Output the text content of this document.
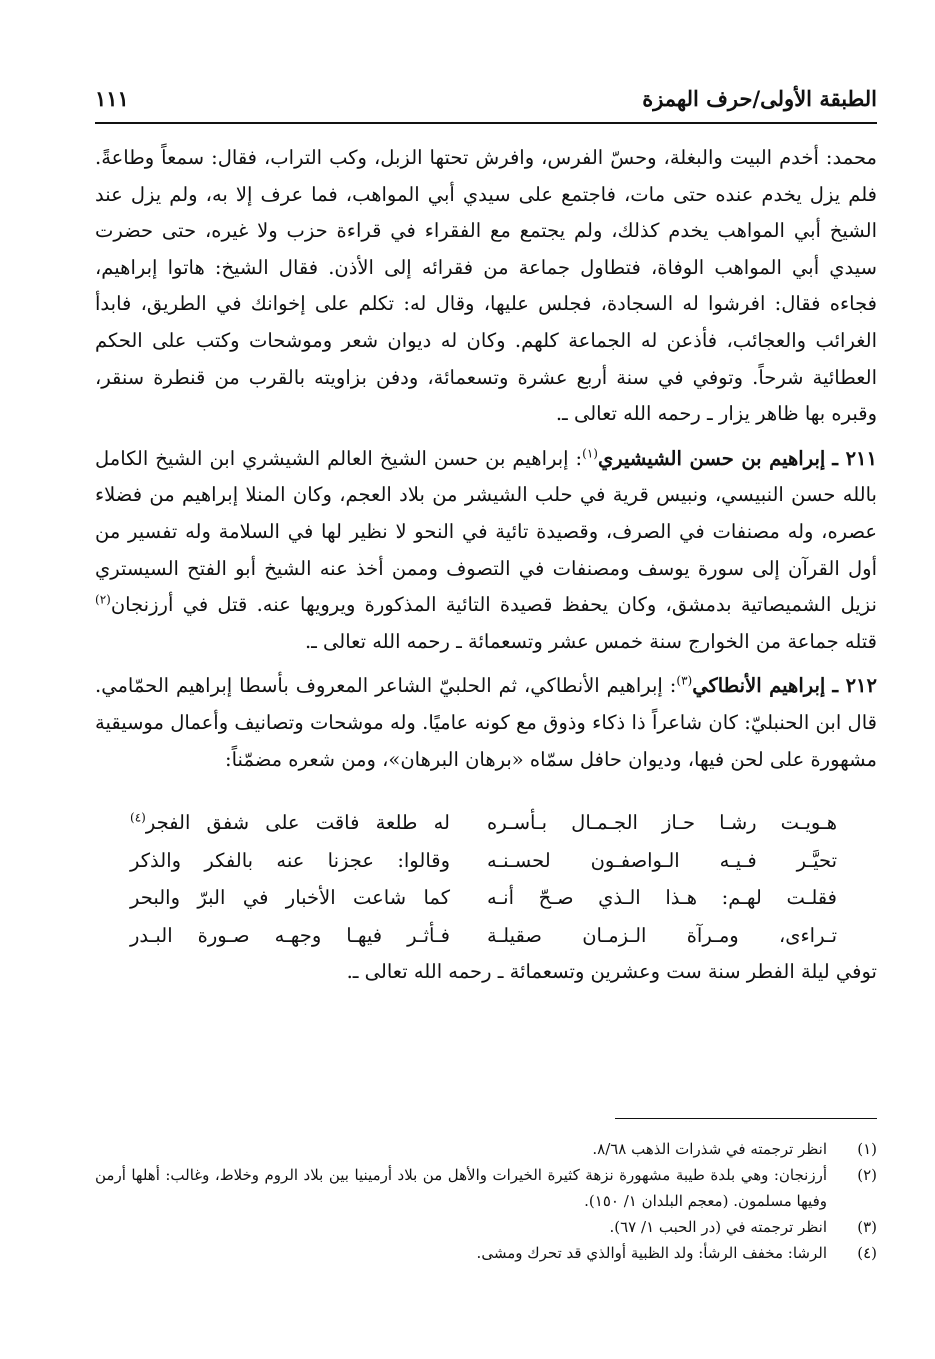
الطبقة الأولى/حرف الهمزة
١١١

محمد: أخدم البيت والبغلة، وحسّ الفرس، وافرش تحتها الزبل، وكب التراب، فقال: سمعاً وطاعةً. فلم يزل يخدم عنده حتى مات، فاجتمع على سيدي أبي المواهب، فما عرف إلا به، ولم يزل عند الشيخ أبي المواهب يخدم كذلك، ولم يجتمع مع الفقراء في قراءة حزب ولا غيره، حتى حضرت سيدي أبي المواهب الوفاة، فتطاول جماعة من فقرائه إلى الأذن. فقال الشيخ: هاتوا إبراهيم، فجاءه فقال: افرشوا له السجادة، فجلس عليها، وقال له: تكلم على إخوانك في الطريق، فابدأ الغرائب والعجائب، فأذعن له الجماعة كلهم. وكان له ديوان شعر وموشحات وكتب على الحكم العطائية شرحاً. وتوفي في سنة أربع عشرة وتسعمائة، ودفن بزاويته بالقرب من قنطرة سنقر، وقبره بها ظاهر يزار ـ رحمه الله تعالى ـ.

٢١١ ـ إبراهيم بن حسن الشيشيري$^{(١)}$: إبراهيم بن حسن الشيخ العالم الشيشري ابن الشيخ الكامل بالله حسن النبيسي، ونبيس قرية في حلب الشيشر من بلاد العجم، وكان المنلا إبراهيم من فضلاء عصره، وله مصنفات في الصرف، وقصيدة تائية في النحو لا نظير لها في السلامة وله تفسير من أول القرآن إلى سورة يوسف ومصنفات في التصوف وممن أخذ عنه الشيخ أبو الفتح السيستري نزيل الشميصاتية بدمشق، وكان يحفظ قصيدة التائية المذكورة ويرويها عنه. قتل في أرزنجان$^{(٢)}$ قتله جماعة من الخوارج سنة خمس عشر وتسعمائة ـ رحمه الله تعالى ـ.

٢١٢ ـ إبراهيم الأنطاكي$^{(٣)}$: إبراهيم الأنطاكي، ثم الحلبيّ الشاعر المعروف بأسطا إبراهيم الحمّامي. قال ابن الحنبليّ: كان شاعراً ذا ذكاء وذوق مع كونه عاميًا. وله موشحات وتصانيف وأعمال موسيقية مشهورة على لحن فيها، وديوان حافل سمّاه «برهان البرهان»، ومن شعره مضمّناً:

هـويـت رشـا حـاز الجـمـال بـأسـره
له طلعة فاقت على شفق الفجر$^{(٤)}$
تحيَّـر فـيـه الـواصفـون لحسـنـه
وقالوا: عجزنا عنه بالفكر والذكر
فقلـت لهـم: هـذا الـذي صـحّ أنـه
كما شاعت الأخبار في البرّ والبحر
تـراءى، ومـرآة الـزمـان صقيلـة
فـأثـر فيهـا وجهـه صـورة البـدر

توفي ليلة الفطر سنة ست وعشرين وتسعمائة ـ رحمه الله تعالى ـ.

(١)
انظر ترجمته في شذرات الذهب ٨/٦٨.
(٢)
أرزنجان: وهي بلدة طيبة مشهورة نزهة كثيرة الخيرات والأهل من بلاد أرمينيا بين بلاد الروم وخلاط، وغالب: أهلها أرمن وفيها مسلمون. (معجم البلدان ١/ ١٥٠).
(٣)
انظر ترجمته في (در الحبب ١/ ٦٧).
(٤)
الرشا: مخفف الرشأ: ولد الظبية أوالذي قد تحرك ومشى.
